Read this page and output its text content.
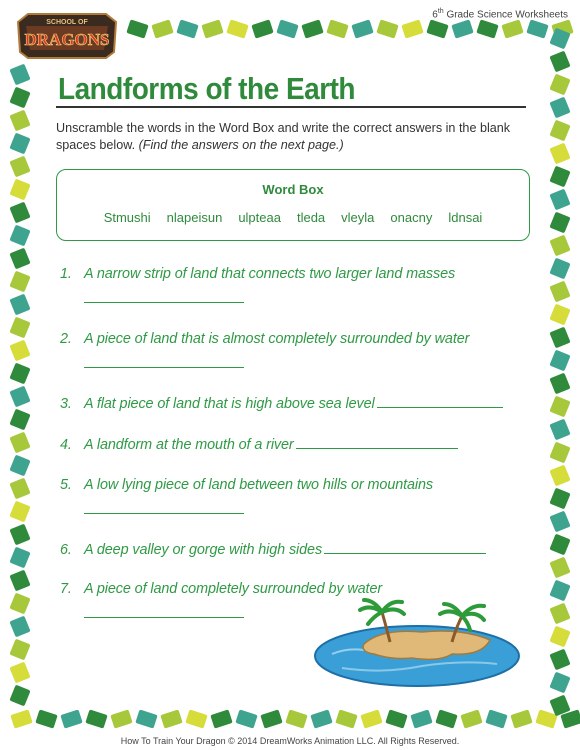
SCHOOL OF
DRAGONS
6th Grade Science Worksheets
Landforms of the Earth
Unscramble the words in the Word Box and write the correct answers in the blank spaces below. (Find the answers on the next page.)
Word Box
Stmushi nlapeisun ulpteaa tleda vleyla onacny ldnsai
1. A narrow strip of land that connects two larger land masses
2. A piece of land that is almost completely surrounded by water
3. A flat piece of land that is high above sea level
4. A landform at the mouth of a river
5. A low lying piece of land between two hills or mountains
6. A deep valley or gorge with high sides
7. A piece of land completely surrounded by water
How To Train Your Dragon © 2014 DreamWorks Animation LLC. All Rights Reserved.
